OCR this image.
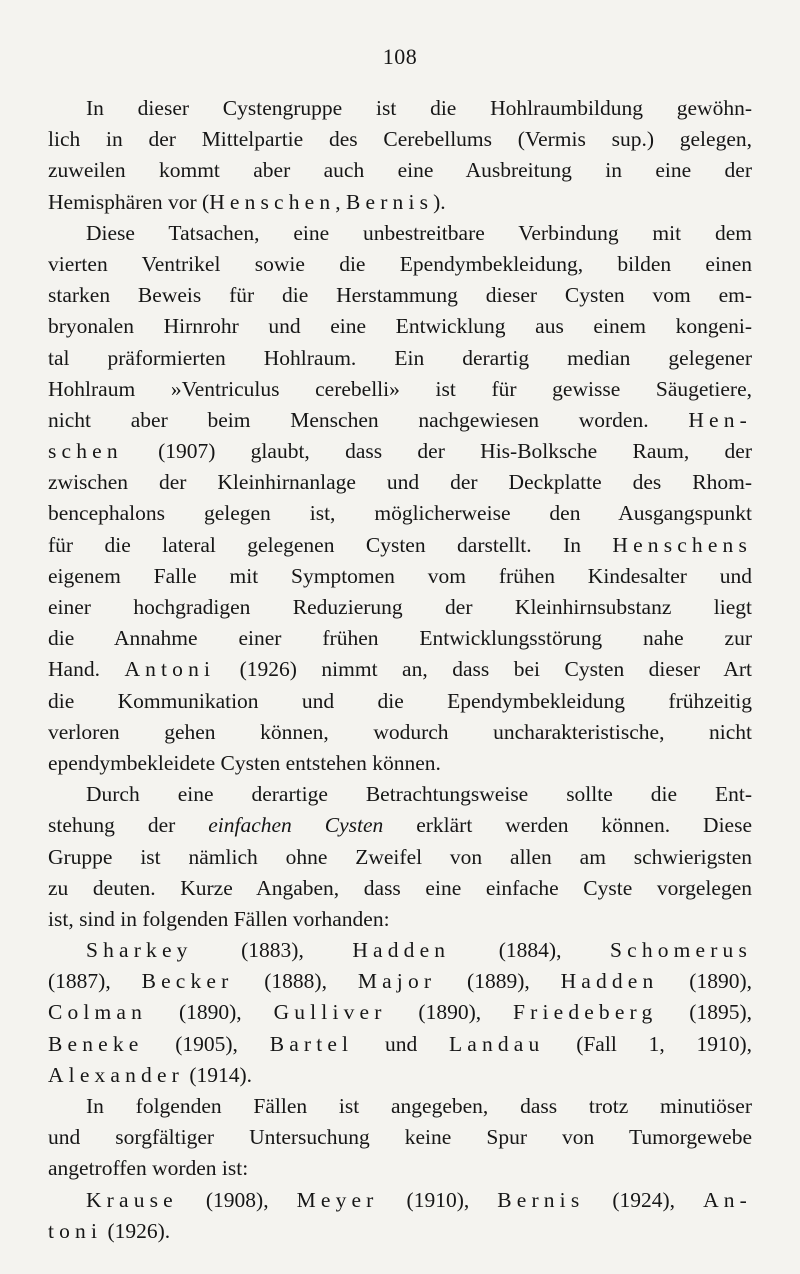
108
In dieser Cystengruppe ist die Hohlraumbildung gewöhn-
lich in der Mittelpartie des Cerebellums (Vermis sup.) gelegen,
zuweilen kommt aber auch eine Ausbreitung in eine der
Hemisphären vor (Henschen, Bernis).
Diese Tatsachen, eine unbestreitbare Verbindung mit dem
vierten Ventrikel sowie die Ependymbekleidung, bilden einen
starken Beweis für die Herstammung dieser Cysten vom em-
bryonalen Hirnrohr und eine Entwicklung aus einem kongeni-
tal präformierten Hohlraum. Ein derartig median gelegener
Hohlraum »Ventriculus cerebelli» ist für gewisse Säugetiere,
nicht aber beim Menschen nachgewiesen worden. Hen-
schen (1907) glaubt, dass der His-Bolksche Raum, der
zwischen der Kleinhirnanlage und der Deckplatte des Rhom-
bencephalons gelegen ist, möglicherweise den Ausgangspunkt
für die lateral gelegenen Cysten darstellt. In Henschens
eigenem Falle mit Symptomen vom frühen Kindesalter und
einer hochgradigen Reduzierung der Kleinhirnsubstanz liegt
die Annahme einer frühen Entwicklungsstörung nahe zur
Hand. Antoni (1926) nimmt an, dass bei Cysten dieser Art
die Kommunikation und die Ependymbekleidung frühzeitig
verloren gehen können, wodurch uncharakteristische, nicht
ependymbekleidete Cysten entstehen können.
Durch eine derartige Betrachtungsweise sollte die Ent-
stehung der einfachen Cysten erklärt werden können. Diese
Gruppe ist nämlich ohne Zweifel von allen am schwierigsten
zu deuten. Kurze Angaben, dass eine einfache Cyste vorgelegen
ist, sind in folgenden Fällen vorhanden:
Sharkey (1883), Hadden (1884), Schomerus
(1887), Becker (1888), Major (1889), Hadden (1890),
Colman (1890), Gulliver (1890), Friedeberg (1895),
Beneke (1905), Bartel und Landau (Fall 1, 1910),
Alexander (1914).
In folgenden Fällen ist angegeben, dass trotz minutiöser
und sorgfältiger Untersuchung keine Spur von Tumorgewebe
angetroffen worden ist:
Krause (1908), Meyer (1910), Bernis (1924), An-
toni (1926).
